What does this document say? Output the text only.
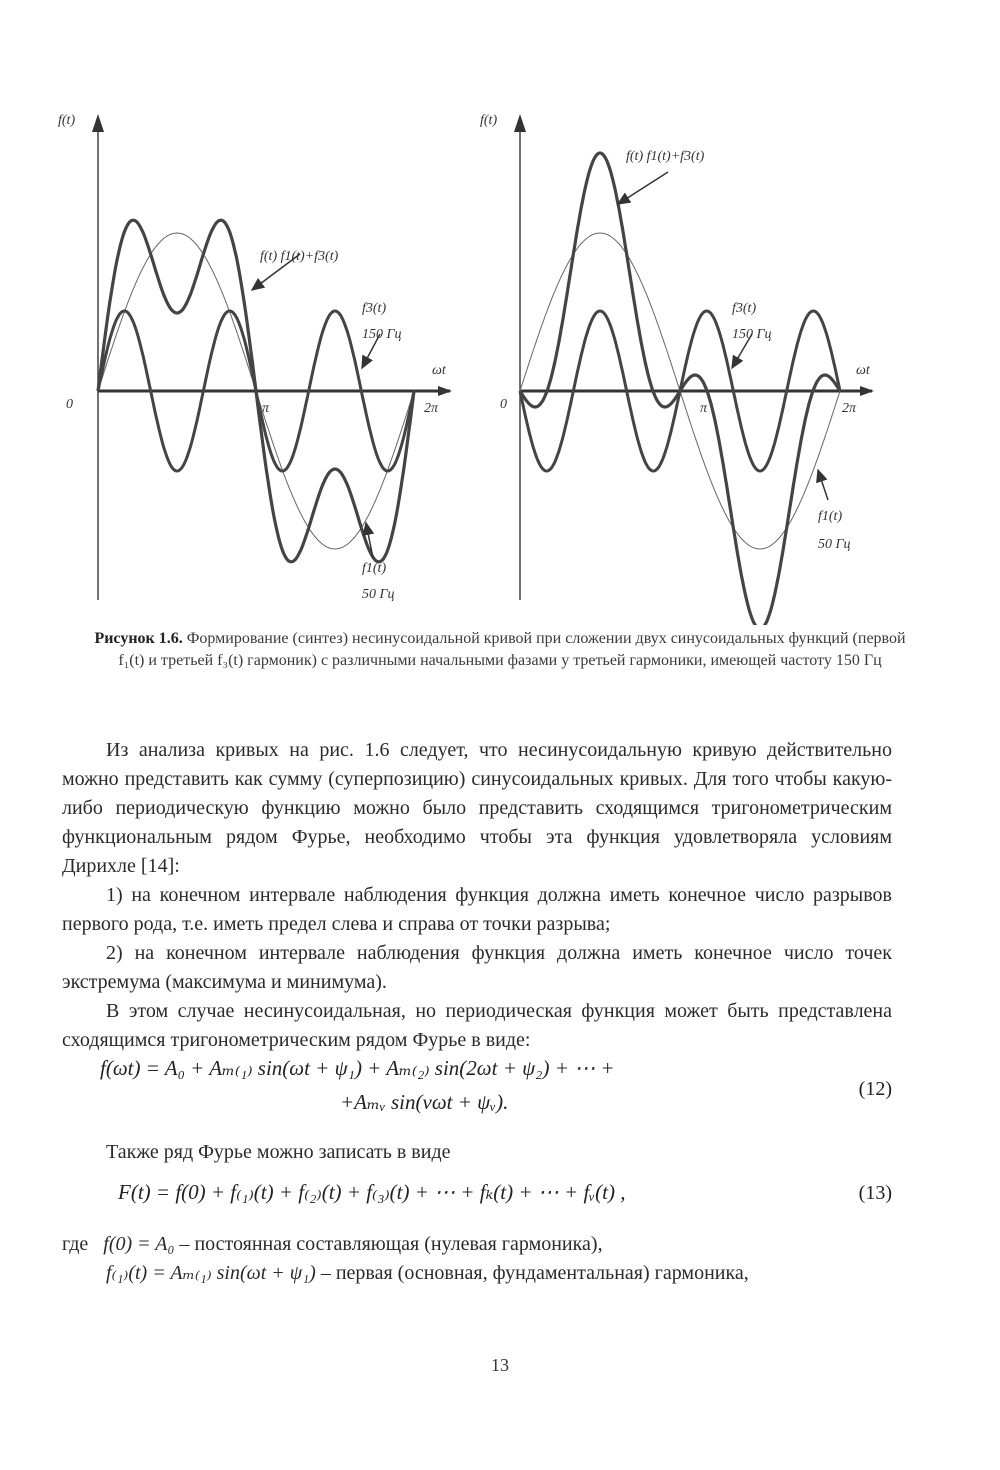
f(t)
f(t) f1(t)+f3(t)
f3(t)
150 Гц
ωt
0	π	2π
f1(t)
50 Гц
f(t)
f(t) f1(t)+f3(t)
f3(t)
150 Гц
ωt
0	π	2π
f1(t)
50 Гц
Рисунок 1.6. Формирование (синтез) несинусоидальной кривой при сложении двух синусоидальных функций (первой f₁(t) и третьей f₃(t) гармоник) с различными начальными фазами у третьей гармоники, имеющей частоту 150 Гц
Из анализа кривых на рис. 1.6 следует, что несинусоидальную кривую действительно можно представить как сумму (суперпозицию) синусоидальных кривых. Для того чтобы какую-либо периодическую функцию можно было представить сходящимся тригонометрическим функциональным рядом Фурье, необходимо чтобы эта функция удовлетворяла условиям Дирихле [14]:
1) на конечном интервале наблюдения функция должна иметь конечное число разрывов первого рода, т.е. иметь предел слева и справа от точки разрыва;
2) на конечном интервале наблюдения функция должна иметь конечное число точек экстремума (максимума и минимума).
В этом случае несинусоидальная, но периодическая функция может быть представлена сходящимся тригонометрическим рядом Фурье в виде:
f(ωt) = A₀ + Aₘ₍₁₎ sin(ωt + ψ₁) + Aₘ₍₂₎ sin(2ωt + ψ₂) + ⋯ +
+Aₘᵥ sin(νωt + ψᵥ).
(12)
Также ряд Фурье можно записать в виде
F(t) = f(0) + f₍₁₎(t) + f₍₂₎(t) + f₍₃₎(t) + ⋯ + fₖ(t) + ⋯ + fᵥ(t) ,	(13)
где f(0) = A₀ – постоянная составляющая (нулевая гармоника),
f₍₁₎(t) = Aₘ₍₁₎ sin(ωt + ψ₁) – первая (основная, фундаментальная) гармоника,
13
